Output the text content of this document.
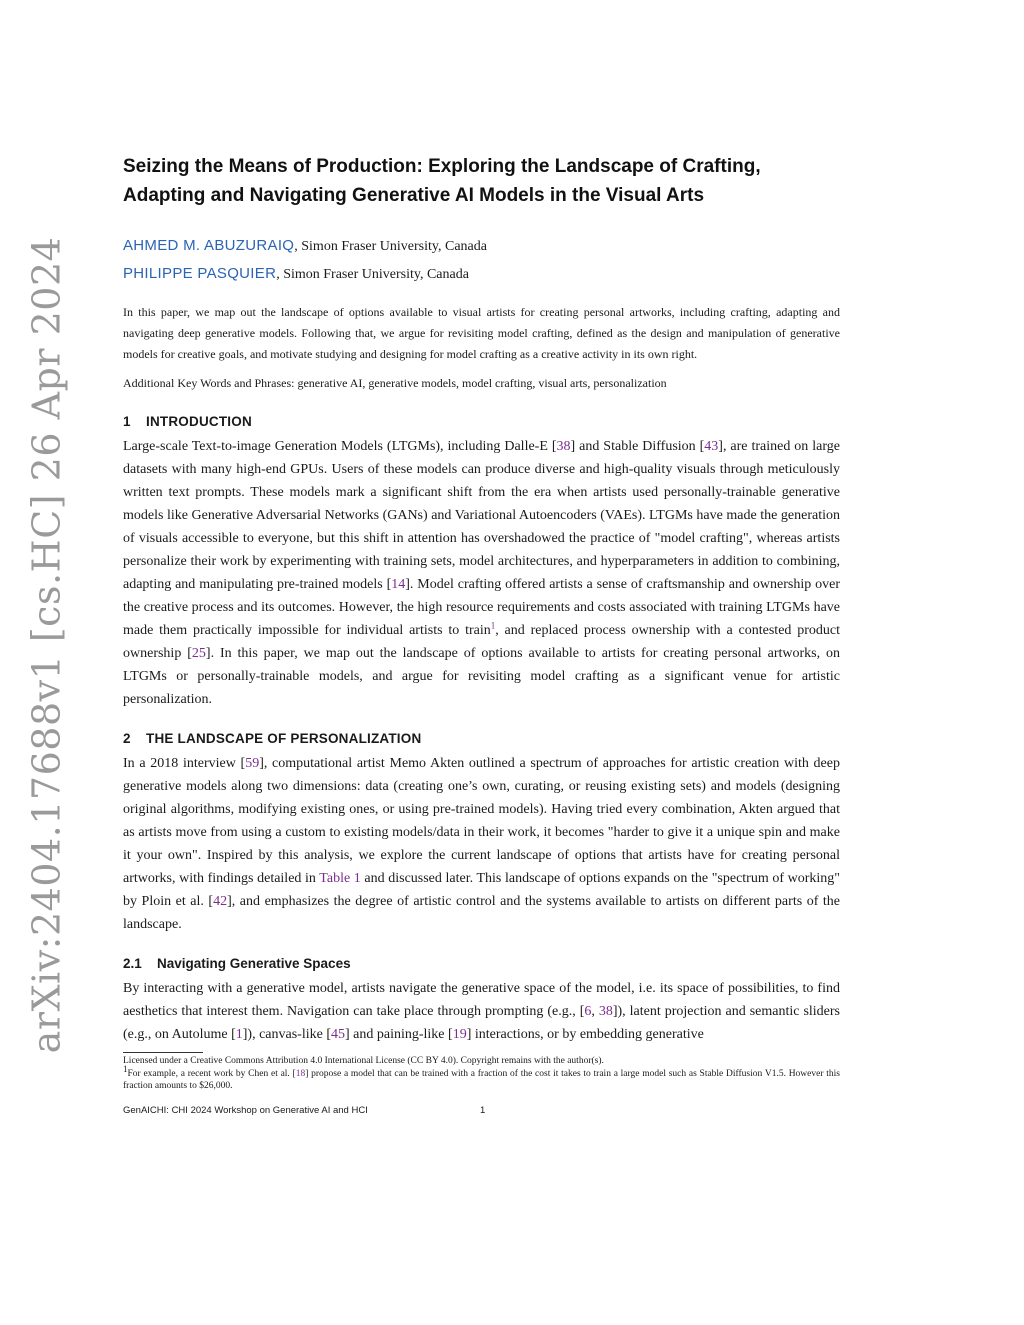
arXiv:2404.17688v1 [cs.HC] 26 Apr 2024
Seizing the Means of Production: Exploring the Landscape of Crafting, Adapting and Navigating Generative AI Models in the Visual Arts
AHMED M. ABUZURAIQ, Simon Fraser University, Canada
PHILIPPE PASQUIER, Simon Fraser University, Canada
In this paper, we map out the landscape of options available to visual artists for creating personal artworks, including crafting, adapting and navigating deep generative models. Following that, we argue for revisiting model crafting, defined as the design and manipulation of generative models for creative goals, and motivate studying and designing for model crafting as a creative activity in its own right.
Additional Key Words and Phrases: generative AI, generative models, model crafting, visual arts, personalization
1 INTRODUCTION

Large-scale Text-to-image Generation Models (LTGMs), including Dalle-E [38] and Stable Diffusion [43], are trained on large datasets with many high-end GPUs. Users of these models can produce diverse and high-quality visuals through meticulously written text prompts. These models mark a significant shift from the era when artists used personally-trainable generative models like Generative Adversarial Networks (GANs) and Variational Autoencoders (VAEs). LTGMs have made the generation of visuals accessible to everyone, but this shift in attention has overshadowed the practice of "model crafting", whereas artists personalize their work by experimenting with training sets, model architectures, and hyperparameters in addition to combining, adapting and manipulating pre-trained models [14]. Model crafting offered artists a sense of craftsmanship and ownership over the creative process and its outcomes. However, the high resource requirements and costs associated with training LTGMs have made them practically impossible for individual artists to train$^1$, and replaced process ownership with a contested product ownership [25]. In this paper, we map out the landscape of options available to artists for creating personal artworks, on LTGMs or personally-trainable models, and argue for revisiting model crafting as a significant venue for artistic personalization.

2 THE LANDSCAPE OF PERSONALIZATION

In a 2018 interview [59], computational artist Memo Akten outlined a spectrum of approaches for artistic creation with deep generative models along two dimensions: data (creating one’s own, curating, or reusing existing sets) and models (designing original algorithms, modifying existing ones, or using pre-trained models). Having tried every combination, Akten argued that as artists move from using a custom to existing models/data in their work, it becomes "harder to give it a unique spin and make it your own". Inspired by this analysis, we explore the current landscape of options that artists have for creating personal artworks, with findings detailed in Table 1 and discussed later. This landscape of options expands on the "spectrum of working" by Ploin et al. [42], and emphasizes the degree of artistic control and the systems available to artists on different parts of the landscape.

2.1 Navigating Generative Spaces

By interacting with a generative model, artists navigate the generative space of the model, i.e. its space of possibilities, to find aesthetics that interest them. Navigation can take place through prompting (e.g., [6, 38]), latent projection and semantic sliders (e.g., on Autolume [1]), canvas-like [45] and paining-like [19] interactions, or by embedding generative

Licensed under a Creative Commons Attribution 4.0 International License (CC BY 4.0). Copyright remains with the author(s).
$^1$For example, a recent work by Chen et al. [18] propose a model that can be trained with a fraction of the cost it takes to train a large model such as Stable Diffusion V1.5. However this fraction amounts to $26,000.
GenAICHI: CHI 2024 Workshop on Generative AI and HCI	1
